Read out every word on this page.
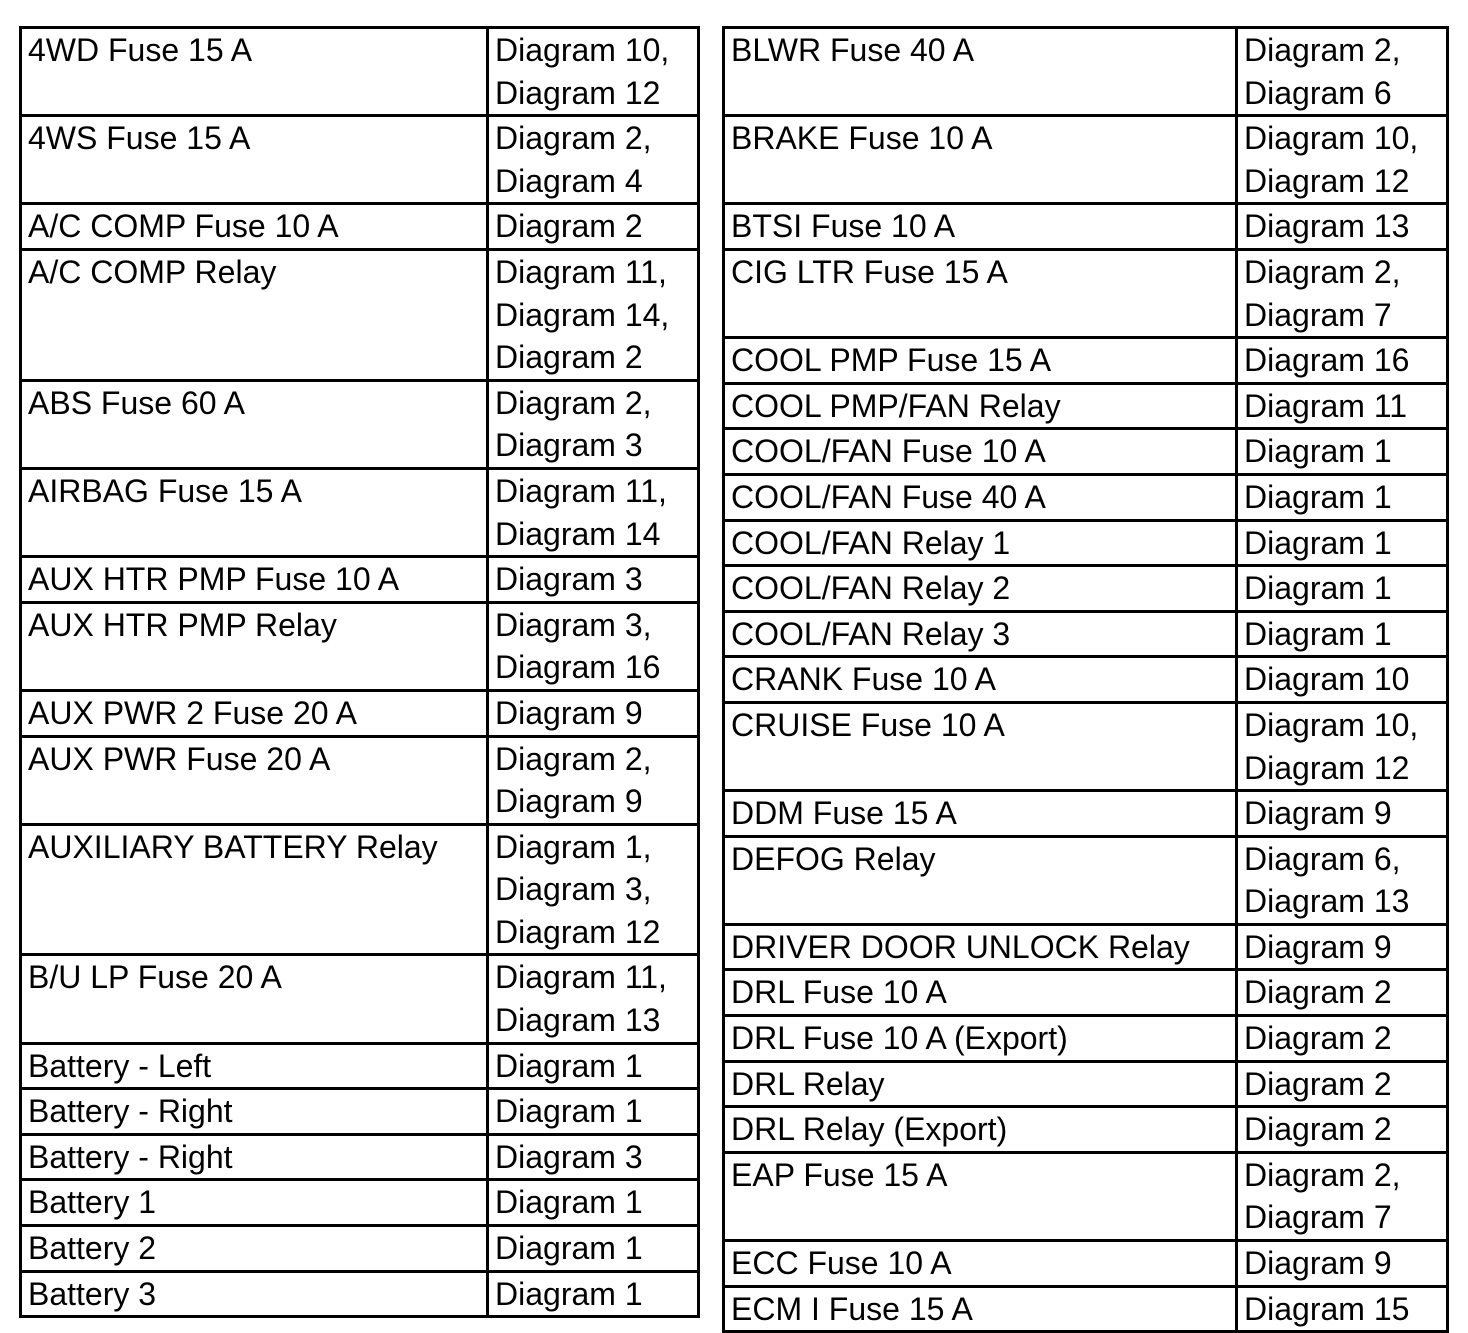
4WD Fuse 15 A	Diagram 10,
Diagram 12
4WS Fuse 15 A	Diagram 2,
Diagram 4
A/C COMP Fuse 10 A	Diagram 2
A/C COMP Relay	Diagram 11,
Diagram 14,
Diagram 2
ABS Fuse 60 A	Diagram 2,
Diagram 3
AIRBAG Fuse 15 A	Diagram 11,
Diagram 14
AUX HTR PMP Fuse 10 A	Diagram 3
AUX HTR PMP Relay	Diagram 3,
Diagram 16
AUX PWR 2 Fuse 20 A	Diagram 9
AUX PWR Fuse 20 A	Diagram 2,
Diagram 9
AUXILIARY BATTERY Relay	Diagram 1,
Diagram 3,
Diagram 12
B/U LP Fuse 20 A	Diagram 11,
Diagram 13
Battery - Left	Diagram 1
Battery - Right	Diagram 1
Battery - Right	Diagram 3
Battery 1	Diagram 1
Battery 2	Diagram 1
Battery 3	Diagram 1
BLWR Fuse 40 A	Diagram 2,
Diagram 6
BRAKE Fuse 10 A	Diagram 10,
Diagram 12
BTSI Fuse 10 A	Diagram 13
CIG LTR Fuse 15 A	Diagram 2,
Diagram 7
COOL PMP Fuse 15 A	Diagram 16
COOL PMP/FAN Relay	Diagram 11
COOL/FAN Fuse 10 A	Diagram 1
COOL/FAN Fuse 40 A	Diagram 1
COOL/FAN Relay 1	Diagram 1
COOL/FAN Relay 2	Diagram 1
COOL/FAN Relay 3	Diagram 1
CRANK Fuse 10 A	Diagram 10
CRUISE Fuse 10 A	Diagram 10,
Diagram 12
DDM Fuse 15 A	Diagram 9
DEFOG Relay	Diagram 6,
Diagram 13
DRIVER DOOR UNLOCK Relay	Diagram 9
DRL Fuse 10 A	Diagram 2
DRL Fuse 10 A (Export)	Diagram 2
DRL Relay	Diagram 2
DRL Relay (Export)	Diagram 2
EAP Fuse 15 A	Diagram 2,
Diagram 7
ECC Fuse 10 A	Diagram 9
ECM I Fuse 15 A	Diagram 15
